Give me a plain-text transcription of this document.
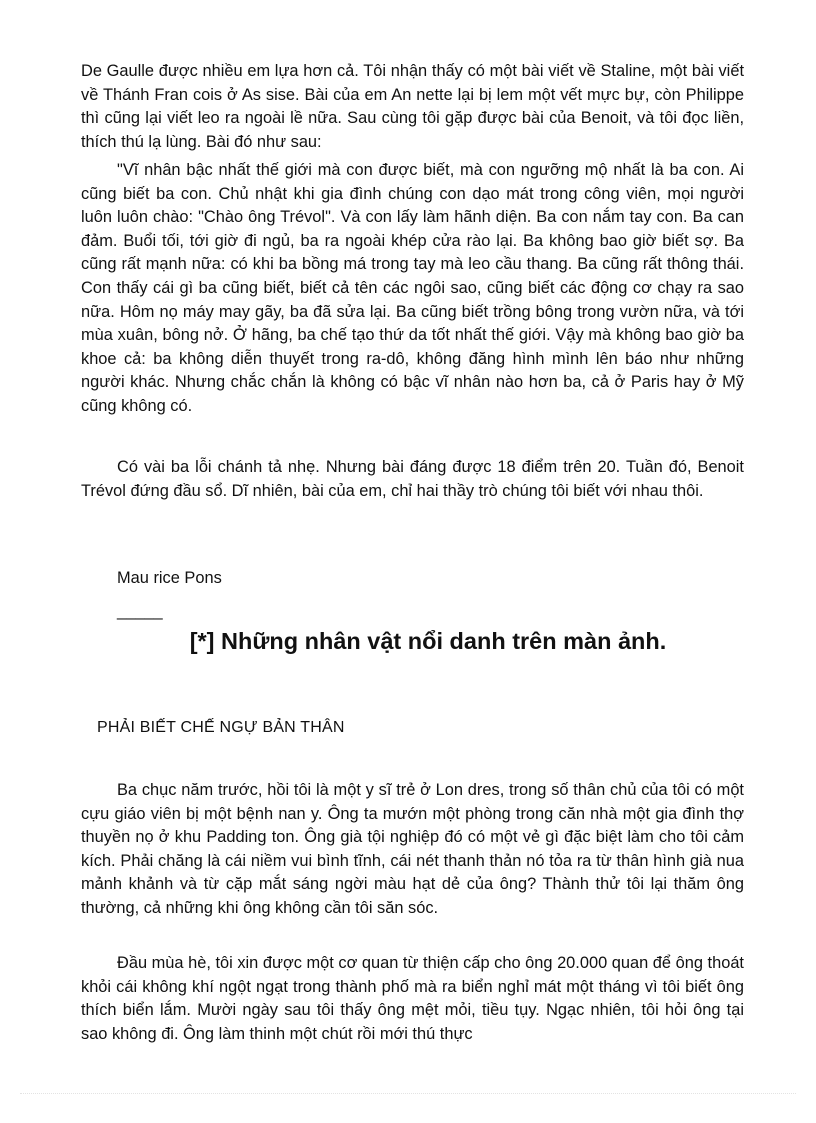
De Gaulle được nhiều em lựa hơn cả. Tôi nhận thấy có một bài viết về Staline, một bài viết về Thánh Fran cois ở As sise. Bài của em An nette lại bị lem một vết mực bự, còn Philippe thì cũng lại viết leo ra ngoài lề nữa. Sau cùng tôi gặp được bài của Benoit, và tôi đọc liền, thích thú lạ lùng. Bài đó như sau:

"Vĩ nhân bậc nhất thế giới mà con được biết, mà con ngưỡng mộ nhất là ba con. Ai cũng biết ba con. Chủ nhật khi gia đình chúng con dạo mát trong công viên, mọi người luôn luôn chào: "Chào ông Trévol". Và con lấy làm hãnh diện. Ba con nắm tay con. Ba can đảm. Buổi tối, tới giờ đi ngủ, ba ra ngoài khép cửa rào lại. Ba không bao giờ biết sợ. Ba cũng rất mạnh nữa: có khi ba bồng má trong tay mà leo cầu thang. Ba cũng rất thông thái. Con thấy cái gì ba cũng biết, biết cả tên các ngôi sao, cũng biết các động cơ chạy ra sao nữa. Hôm nọ máy may gãy, ba đã sửa lại. Ba cũng biết trồng bông trong vườn nữa, và tới mùa xuân, bông nở. Ở hãng, ba chế tạo thứ da tốt nhất thế giới. Vậy mà không bao giờ ba khoe cả: ba không diễn thuyết trong ra-dô, không đăng hình mình lên báo như những người khác. Nhưng chắc chắn là không có bậc vĩ nhân nào hơn ba, cả ở Paris hay ở Mỹ cũng không có.

Có vài ba lỗi chánh tả nhẹ. Nhưng bài đáng được 18 điểm trên 20. Tuần đó, Benoit Trévol đứng đầu sổ. Dĩ nhiên, bài của em, chỉ hai thầy trò chúng tôi biết với nhau thôi.

Mau rice Pons

_____

[*] Những nhân vật nổi danh trên màn ảnh.

PHẢI BIẾT CHẾ NGỰ BẢN THÂN

Ba chục năm trước, hồi tôi là một y sĩ trẻ ở Lon dres, trong số thân chủ của tôi có một cựu giáo viên bị một bệnh nan y. Ông ta mướn một phòng trong căn nhà một gia đình thợ thuyền nọ ở khu Padding ton. Ông già tội nghiệp đó có một vẻ gì đặc biệt làm cho tôi cảm kích. Phải chăng là cái niềm vui bình tĩnh, cái nét thanh thản nó tỏa ra từ thân hình già nua mảnh khảnh và từ cặp mắt sáng ngời màu hạt dẻ của ông? Thành thử tôi lại thăm ông thường, cả những khi ông không cần tôi săn sóc.

Đầu mùa hè, tôi xin được một cơ quan từ thiện cấp cho ông 20.000 quan để ông thoát khỏi cái không khí ngột ngạt trong thành phố mà ra biển nghỉ mát một tháng vì tôi biết ông thích biển lắm. Mười ngày sau tôi thấy ông mệt mỏi, tiều tụy. Ngạc nhiên, tôi hỏi ông tại sao không đi. Ông làm thinh một chút rồi mới thú thực
